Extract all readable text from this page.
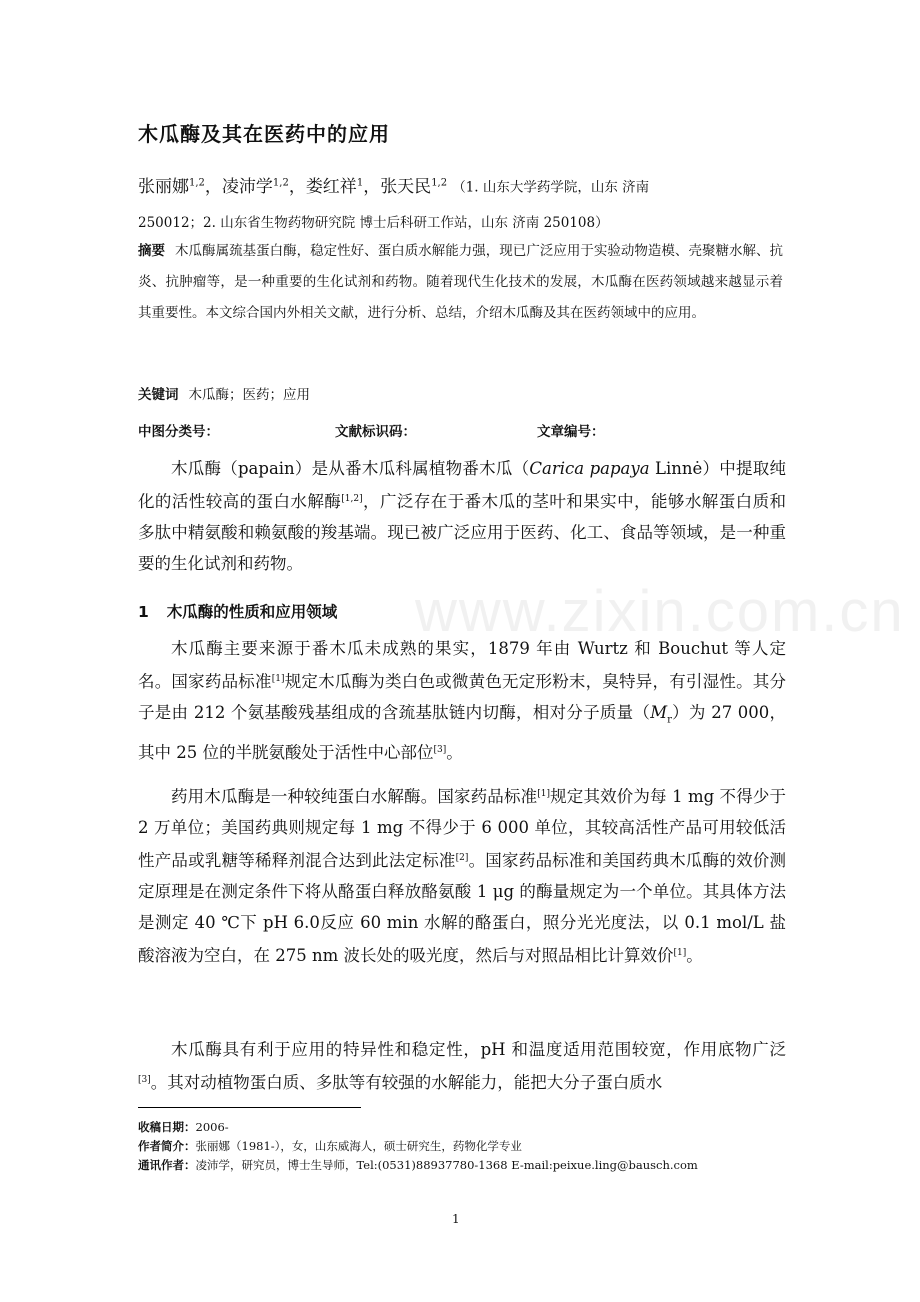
www.zixin.com.cn
木瓜酶及其在医药中的应用
张丽娜$^{1,2}$，凌沛学$^{1,2}$，娄红祥$^1$，张天民$^{1,2}$ （1. 山东大学药学院，山东 济南
250012；2. 山东省生物药物研究院 博士后科研工作站，山东 济南 250108）
摘要 木瓜酶属巯基蛋白酶，稳定性好、蛋白质水解能力强，现已广泛应用于实验动物造模、壳聚糖水解、抗炎、抗肿瘤等，是一种重要的生化试剂和药物。随着现代生化技术的发展，木瓜酶在医药领域越来越显示着其重要性。本文综合国内外相关文献，进行分析、总结，介绍木瓜酶及其在医药领域中的应用。
关键词 木瓜酶；医药；应用
中图分类号：	文献标识码：	文章编号：

木瓜酶（papain）是从番木瓜科属植物番木瓜（Carica papaya Linnė）中提取纯化的活性较高的蛋白水解酶[1,2]，广泛存在于番木瓜的茎叶和果实中，能够水解蛋白质和多肽中精氨酸和赖氨酸的羧基端。现已被广泛应用于医药、化工、食品等领域，是一种重要的生化试剂和药物。

1 木瓜酶的性质和应用领域

木瓜酶主要来源于番木瓜未成熟的果实，1879 年由 Wurtz 和 Bouchut 等人定名。国家药品标准[1]规定木瓜酶为类白色或微黄色无定形粉末，臭特异，有引湿性。其分子是由 212 个氨基酸残基组成的含巯基肽链内切酶，相对分子质量$(M_r)$为 27 000，其中 25 位的半胱氨酸处于活性中心部位[3]。

药用木瓜酶是一种较纯蛋白水解酶。国家药品标准[1]规定其效价为每 1 mg 不得少于 2 万单位；美国药典则规定每 1 mg 不得少于 6 000 单位，其较高活性产品可用较低活性产品或乳糖等稀释剂混合达到此法定标准[2]。国家药品标准和美国药典木瓜酶的效价测定原理是在测定条件下将从酪蛋白释放酪氨酸 1 μg 的酶量规定为一个单位。其具体方法是测定 40 ℃下 pH 6.0反应 60 min 水解的酪蛋白，照分光光度法，以 0.1 mol/L 盐酸溶液为空白，在 275 nm 波长处的吸光度，然后与对照品相比计算效价[1]。

木瓜酶具有利于应用的特异性和稳定性，pH 和温度适用范围较宽，作用底物广泛[3]。其对动植物蛋白质、多肽等有较强的水解能力，能把大分子蛋白质水

收稿日期：2006-
作者简介：张丽娜（1981-），女，山东威海人，硕士研究生，药物化学专业
通讯作者：凌沛学，研究员，博士生导师，Tel:(0531)88937780-1368 E-mail:peixue.ling@bausch.com
1
